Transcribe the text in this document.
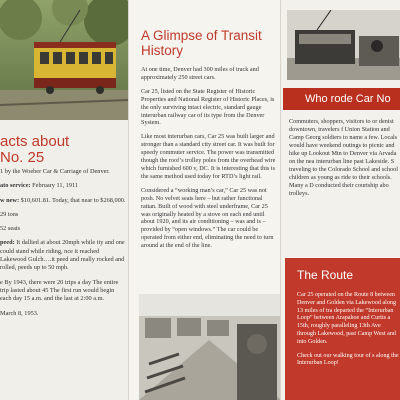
acts about
No. 25

1 by the Woeber Car & Carriage of Denver.

ato service: February 11, 1911

w new: $10,601.81. Today, that near to $268,000.

29 tons

52 seats

peed: It dallied at about 20mph while ity and one could stand while riding, nce it reached Lakewood Gulch….it peed and really rocked and rolled, peeds up to 50 mph.

e By 1943, there were 20 trips a day The entire trip lasted about 45 The first run would begin each day 15 a.m. and the last at 2:00 a.m.

March 8, 1953.

A Glimpse of Transit
History

At one time, Denver had 300 miles of track and approximately 250 street cars.

Car 25, listed on the State Register of Historic Properties and National Register of Historic Places, is the only surviving intact electric, standard gauge interurban railway car of its type from the Denver System.

Like most interurban cars, Car 25 was built larger and stronger than a standard city street car. It was built for speedy commuter service. The power was transmitted though the roof’s trolley poles from the overhead wire which furnished 600 v, DC. It is interesting that this is the same method used today for RTD’s light rail.

Considered a “working man’s car,” Car 25 was not posh. No velvet seats here – but rather functional rattan. Built of wood with steel underframe, Car 25 was originally heated by a stove on each end until about 1920, and its air conditioning – was and is – provided by “open windows.” The car could be operated from either end, eliminating the need to turn around at the end of the line.

Who rode Car No
Commuters, shoppers, visitors to or denist downtown, travelers f Union Station and Camp Georg soldiers to name a few. Locals would have weekend outings to picnic and hike up Lookout Mtn to Denver via Arvada on the nea interurban line past Lakeside. S traveling to the Colorado School and school children as young as ride to their schools. Many a D conducted their courtship abo trolleys.
The Route

Car 25 operated on the Route 8 between Denver and Golden via Lakewood along 13 miles of tra departed the “Interurban Loop” between Arapahoe and Curtis a 15th, roughly paralleling 13th Ave through Lakewood, past Camp West and into Golden.

Check out our walking tour of s along the Interurban Loop!
